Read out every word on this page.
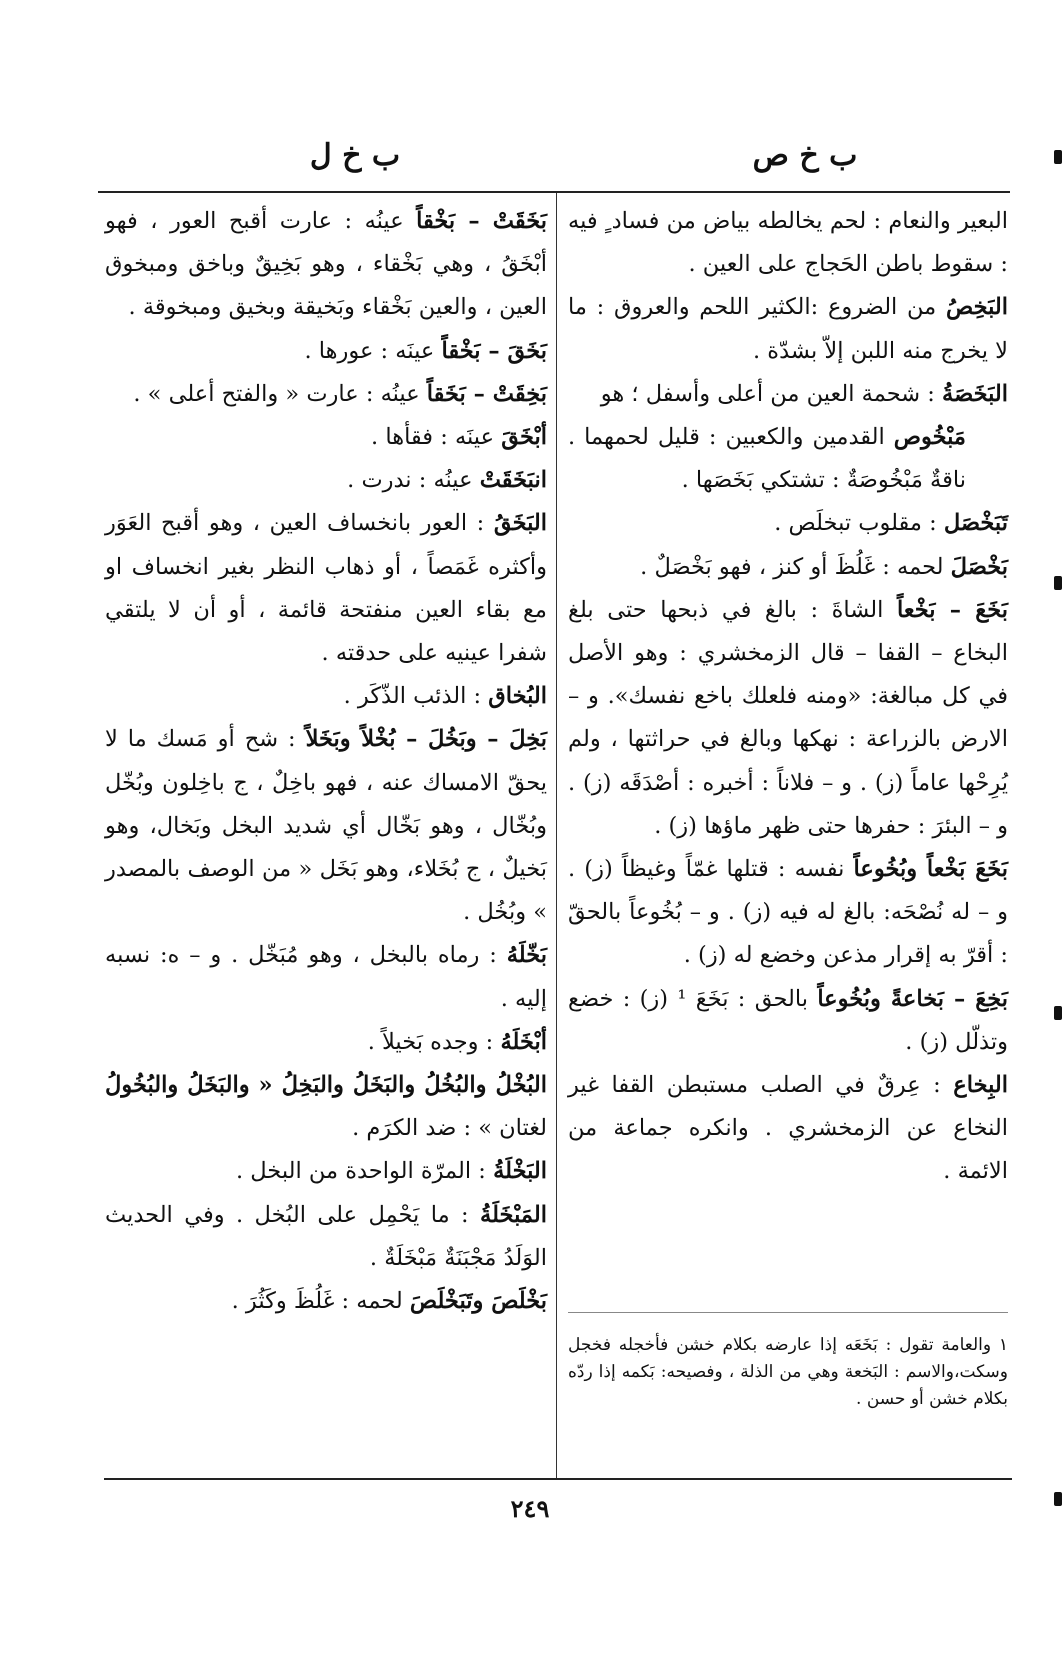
ب خ ص
ب خ ل

البعير والنعام : لحم يخالطه بياض من فساد ٍ فيه : سقوط باطن الحَجاج على العين .

البَخِصُ من الضروع :الكثير اللحم والعروق : ما لا يخرج منه اللبن إلاّ بشدّة .

البَخَصَةُ : شحمة العين من أعلى وأسفل ؛ هو

مَبْخُوص القدمين والكعبين : قليل لحمهما . ناقةٌ مَبْخُوصَةٌ : تشتكي بَخَصَها .

تَبَخْصَل : مقلوب تبخلَص .

بَخْصَلَ لحمه : غَلُظَ أو كنز ، فهو بَخْصَلٌ .

بَخَعَ – بَخْعاً الشاةَ : بالغ في ذبحها حتى بلغ البخاع – القفا – قال الزمخشري : وهو الأصل في كل مبالغة: «ومنه فلعلك باخع نفسك». و – الارض بالزراعة : نهكها وبالغ في حراثتها ، ولم يُرِحْها عاماً (ز) . و – فلاناً : أخبره : أصْدَقَه (ز) . و – البئرَ : حفرها حتى ظهر ماؤها (ز) .

بَخَعَ بَخْعاً وبُخُوعاً نفسه : قتلها غمّاً وغيظاً (ز) . و – له نُصْحَه: بالغ له فيه (ز) . و – بُخُوعاً بالحقّ : أقرّ به إقرار مذعن وخضع له (ز) .

بَخِعَ – بَخاعةً وبُخُوعاً بالحق : بَخَعَ ¹ (ز) : خضع وتذلّل (ز) .

البِخاع : عِرقٌ في الصلب مستبطن القفا غير النخاع عن الزمخشري . وانكره جماعة من الائمة .

١ والعامة تقول : بَخَعَه إذا عارضه بكلام خشن فأخجله فخجل وسكت،والاسم : البَخعة وهي من الذلة ، وفصيحه: بَكمه إذا ردّه بكلام خشن أو حسن .

بَخَقَتْ – بَخْقاً عينُه : عارت أقبح العور ، فهو أبْخَقُ ، وهي بَخْقاء ، وهو بَخِيقٌ وباخق ومبخوق العين ، والعين بَخْقاء وبَخيقة وبخيق ومبخوقة .

بَخَقَ – بَخْقاً عينَه : عورها .

بَخِقَتْ – بَخَقاً عينُه : عارت « والفتح أعلى » .

أبْخَقَ عينَه : فقأها .

انبَخَقَتْ عينُه : ندرت .

البَخَقُ : العور بانخساف العين ، وهو أقبح العَوَر وأكثره غَمَصاً ، أو ذهاب النظر بغير انخساف او مع بقاء العين منفتحة قائمة ، أو أن لا يلتقي شفرا عينيه على حدقته .

البُخاق : الذئب الذّكَر .

بَخِلَ – وبَخُلَ – بُخْلاً وبَخَلاً : شح أو مَسك ما لا يحقّ الامساك عنه ، فهو باخِلٌ ، ج باخِلون وبُخّل وبُخّال ، وهو بَخّال أي شديد البخل وبَخال، وهو بَخيلٌ ، ج بُخَلاء، وهو بَخَل « من الوصف بالمصدر » وبُخُل .

بَخّلَهُ : رماه بالبخل ، وهو مُبَخّل . و – ه: نسبه إليه .

أبْخَلَهُ : وجده بَخيلاً .

البُخْلُ والبُخُلُ والبَخَلُ والبَخِلُ « والبَخَلُ والبُخُولُ لغتان » : ضد الكرَم .

البَخْلَةُ : المرّة الواحدة من البخل .

المَبْخَلَةُ : ما يَحْمِل على البُخل . وفي الحديث الوَلَدُ مَجْبَنَةٌ مَبْخَلَةٌ .

بَخْلَصَ وتَبَخْلَصَ لحمه : غَلُظَ وكَثُرَ .

٢٤٩
